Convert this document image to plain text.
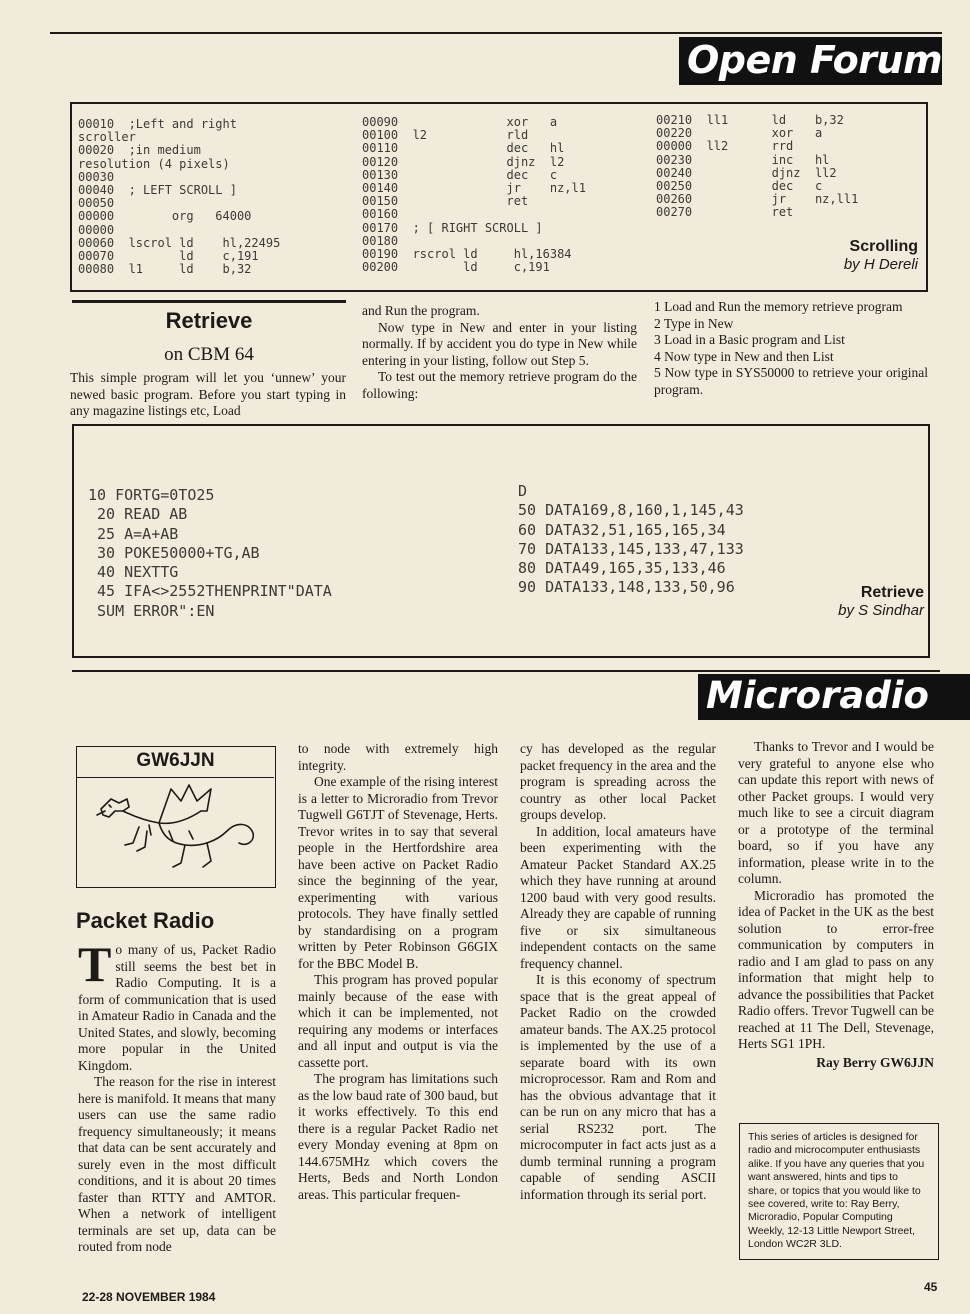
Open Forum
00010  ;Left and right
scroller
00020  ;in medium
resolution (4 pixels)
00030
00040  ; LEFT SCROLL ]
00050
00000        org   64000
00000
00060  lscrol ld    hl,22495
00070         ld    c,191
00080  l1     ld    b,32
00090               xor   a
00100  l2           rld
00110               dec   hl
00120               djnz  l2
00130               dec   c
00140               jr    nz,l1
00150               ret
00160
00170  ; [ RIGHT SCROLL ]
00180
00190  rscrol ld     hl,16384
00200         ld     c,191
00210  ll1      ld    b,32
00220           xor   a
00000  ll2      rrd
00230           inc   hl
00240           djnz  ll2
00250           dec   c
00260           jr    nz,ll1
00270           ret
Scrolling
by H Dereli
Retrieve
on CBM 64
This simple program will let you ‘unnew’ your newed basic program. Before you start typing in any magazine listings etc, Load

and Run the program.

Now type in New and enter in your listing normally. If by accident you do type in New while entering in your listing, follow out Step 5.

To test out the memory retrieve program do the following:

1 Load and Run the memory retrieve program

2 Type in New

3 Load in a Basic program and List

4 Now type in New and then List

5 Now type in SYS50000 to retrieve your original program.

10 FORTG=0TO25
20 READ AB
25 A=A+AB
30 POKE50000+TG,AB
40 NEXTTG
45 IFA<>2552THENPRINT"DATA
SUM ERROR":EN
D
50 DATA169,8,160,1,145,43
60 DATA32,51,165,165,34
70 DATA133,145,133,47,133
80 DATA49,165,35,133,46
90 DATA133,148,133,50,96	Retrieve
by S Sindhar
Microradio
GW6JJN
Packet Radio

To many of us, Packet Radio still seems the best bet in Radio Computing. It is a form of communication that is used in Amateur Radio in Canada and the United States, and slowly, becoming more popular in the United Kingdom.

The reason for the rise in interest here is manifold. It means that many users can use the same radio frequency simultaneously; it means that data can be sent accurately and surely even in the most difficult conditions, and it is about 20 times faster than RTTY and AMTOR. When a network of intelligent terminals are set up, data can be routed from node

to node with extremely high integrity.

One example of the rising interest is a letter to Microradio from Trevor Tugwell G6TJT of Stevenage, Herts. Trevor writes in to say that several people in the Hertfordshire area have been active on Packet Radio since the beginning of the year, experimenting with various protocols. They have finally settled by standardising on a program written by Peter Robinson G6GIX for the BBC Model B.

This program has proved popular mainly because of the ease with which it can be implemented, not requiring any modems or interfaces and all input and output is via the cassette port.

The program has limitations such as the low baud rate of 300 baud, but it works effectively. To this end there is a regular Packet Radio net every Monday evening at 8pm on 144.675MHz which covers the Herts, Beds and North London areas. This particular frequen-

cy has developed as the regular packet frequency in the area and the program is spreading across the country as other local Packet groups develop.

In addition, local amateurs have been experimenting with the Amateur Packet Standard AX.25 which they have running at around 1200 baud with very good results. Already they are capable of running five or six simultaneous independent contacts on the same frequency channel.

It is this economy of spectrum space that is the great appeal of Packet Radio on the crowded amateur bands. The AX.25 protocol is implemented by the use of a separate board with its own microprocessor. Ram and Rom and has the obvious advantage that it can be run on any micro that has a serial RS232 port. The microcomputer in fact acts just as a dumb terminal running a program capable of sending ASCII information through its serial port.

Thanks to Trevor and I would be very grateful to anyone else who can update this report with news of other Packet groups. I would very much like to see a circuit diagram or a prototype of the terminal board, so if you have any information, please write in to the column.

Microradio has promoted the idea of Packet in the UK as the best solution to error-free communication by computers in radio and I am glad to pass on any information that might help to advance the possibilities that Packet Radio offers. Trevor Tugwell can be reached at 11 The Dell, Stevenage, Herts SG1 1PH.

Ray Berry GW6JJN

This series of articles is designed for radio and microcomputer enthusiasts alike. If you have any queries that you want answered, hints and tips to share, or topics that you would like to see covered, write to: Ray Berry, Microradio, Popular Computing Weekly, 12-13 Little Newport Street, London WC2R 3LD.
22-28 NOVEMBER 1984
45
